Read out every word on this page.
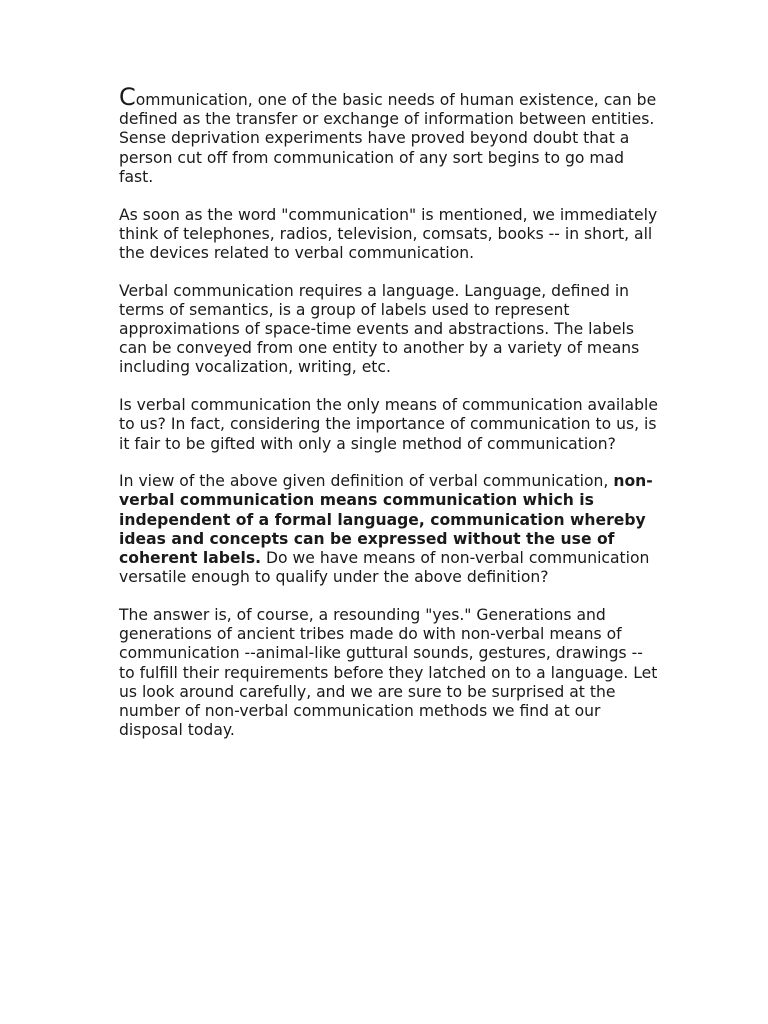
Communication, one of the basic needs of human existence, can be defined as the transfer or exchange of information between entities. Sense deprivation experiments have proved beyond doubt that a person cut off from communication of any sort begins to go mad fast.

As soon as the word "communication" is mentioned, we immediately think of telephones, radios, television, comsats, books -- in short, all the devices related to verbal communication.

Verbal communication requires a language. Language, defined in terms of semantics, is a group of labels used to represent approximations of space-time events and abstractions. The labels can be conveyed from one entity to another by a variety of means including vocalization, writing, etc.

Is verbal communication the only means of communication available to us? In fact, considering the importance of communication to us, is it fair to be gifted with only a single method of communication?

In view of the above given definition of verbal communication, non-verbal communication means communication which is independent of a formal language, communication whereby ideas and concepts can be expressed without the use of coherent labels. Do we have means of non-verbal communication versatile enough to qualify under the above definition?

The answer is, of course, a resounding "yes." Generations and generations of ancient tribes made do with non-verbal means of communication --animal-like guttural sounds, gestures, drawings -- to fulfill their requirements before they latched on to a language. Let us look around carefully, and we are sure to be surprised at the number of non-verbal communication methods we find at our disposal today.
